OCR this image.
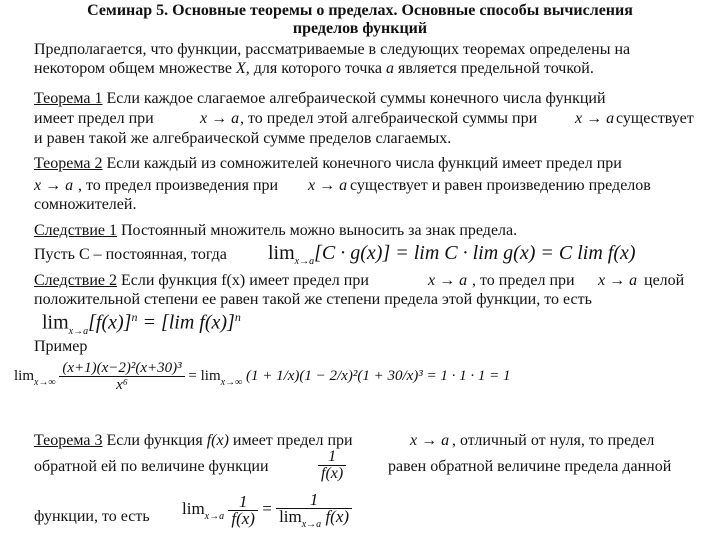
Семинар 5. Основные теоремы о пределах. Основные способы вычисления
пределов функций
Предполагается, что функции, рассматриваемые в следующих теоремах определены на
некотором общем множестве X, для которого точка a является предельной точкой.
Теорема 1 Если каждое слагаемое алгебраической суммы конечного числа функций
имеет предел при	x → a , то предел этой алгебраической суммы при x → a существует
и равен такой же алгебраической сумме пределов слагаемых.
Теорема 2 Если каждый из сомножителей конечного числа функций имеет предел при
x → a , то предел произведения при x → a существует и равен произведению пределов
сомножителей.
Следствие 1 Постоянный множитель можно выносить за знак предела.
Пусть С – постоянная, тогда $\lim_{x\to a}[C \cdot g(x)] = \lim C \cdot \lim g(x) = C$ lim f(x)
Следствие 2 Если функция f(x) имеет предел при	x → a , то предел при x → a целой
положительной степени ее равен такой же степени предела этой функции, то есть
$\lim_{x\to a}[f(x)]^n = [\lim$ f(x)]$^n$
Пример
$\lim_{x\to\infty} \frac{\text{(x+1)(x−2)²(x+30)³}}{\text{x⁶}} = \lim_{x\to\infty} (1 + 1/x)(1 - 2/x)^2(1 + 30/x)^3 = 1 \cdot 1 \cdot 1 = 1$
Теорема 3 Если функция f(x) имеет предел при	x → a , отличный от нуля, то предел
обратной ей по величине функции	$\frac{1}{f(x)}$	равен обратной величине предела данной
функции, то есть $\lim_{x\to a} \frac{1}{f(x)} = \frac{1}{\lim_{x\to a} f(x)}$
